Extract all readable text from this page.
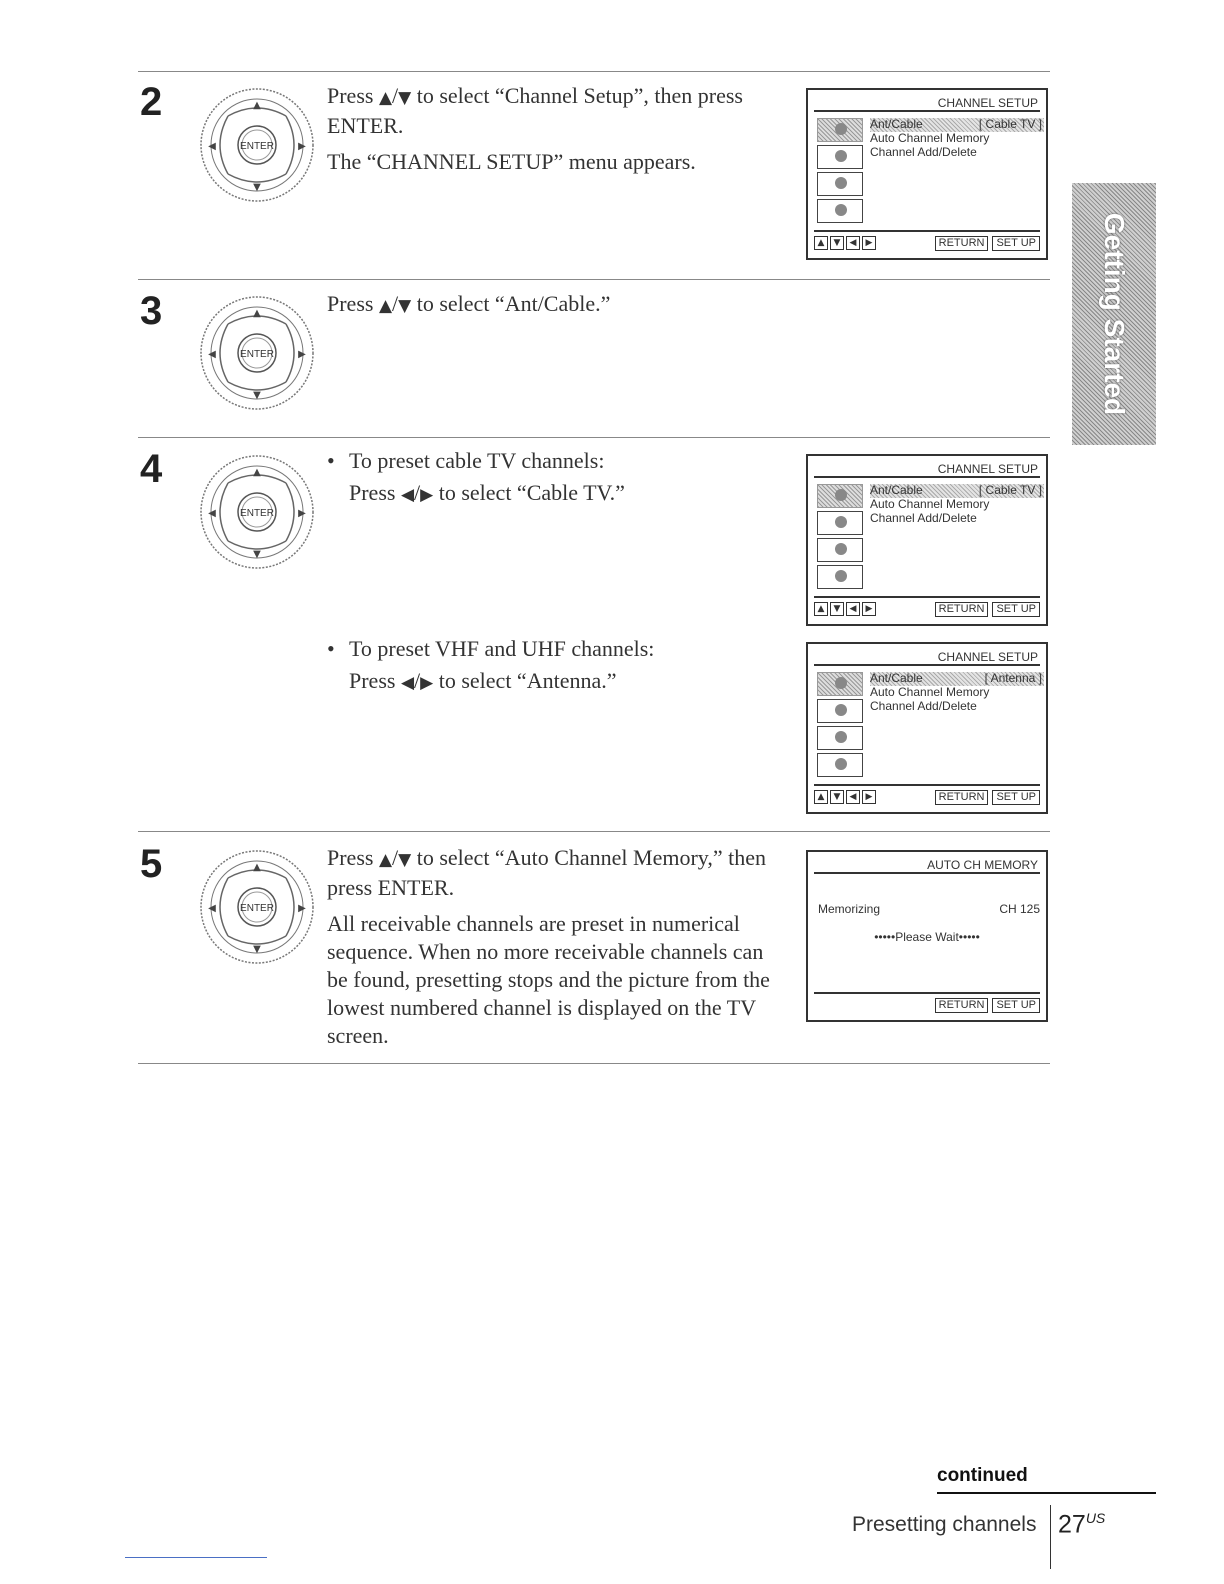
2
ENTER

Press ▲/▼ to select “Channel Setup”, then press ENTER.

The “CHANNEL SETUP” menu appears.

CHANNEL SETUP
Ant/Cable	[ Cable TV ]
Auto Channel Memory
Channel Add/Delete
▲	▼	◀	▶	RETURN	SET UP
3
ENTER

Press ▲/▼ to select “Ant/Cable.”

4
ENTER
• To preset cable TV channels:
Press ◀/▶ to select “Cable TV.”
CHANNEL SETUP
Ant/Cable	[ Cable TV ]
Auto Channel Memory
Channel Add/Delete
▲	▼	◀	▶	RETURN	SET UP
• To preset VHF and UHF channels:
Press ◀/▶ to select “Antenna.”
CHANNEL SETUP
Ant/Cable	[ Antenna ]
Auto Channel Memory
Channel Add/Delete
▲	▼	◀	▶	RETURN	SET UP
5
ENTER

Press ▲/▼ to select “Auto Channel Memory,” then press ENTER.

All receivable channels are preset in numerical sequence. When no more receivable channels can be found, presetting stops and the picture from the lowest numbered channel is displayed on the TV screen.

AUTO CH MEMORY
Memorizing	CH 125
•••••Please Wait•••••
RETURN	SET UP
Getting Started
continued
Presetting channels $27^{US}$
